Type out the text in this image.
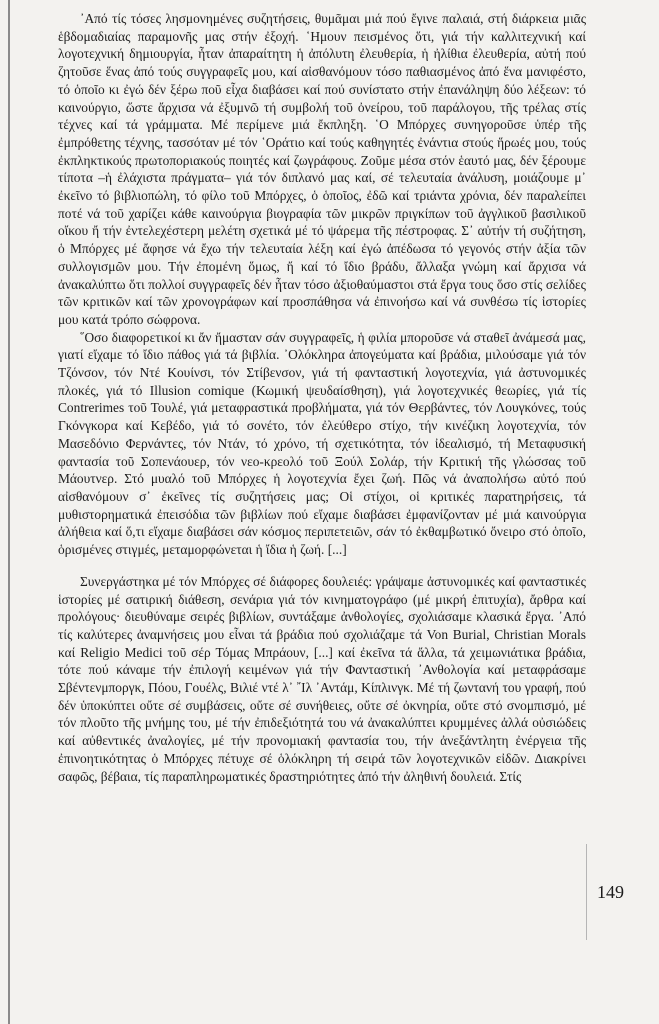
᾽Από τίς τόσες λησμονημένες συζητήσεις, θυμᾶμαι μιά πού ἔγινε παλαιά, στή διάρκεια μιᾶς ἑβδομαδιαίας παραμονῆς μας στήν ἐξοχή. ῾Ημουν πεισμένος ὅτι, γιά τήν καλλιτεχνική καί λογοτεχνική δημιουργία, ἦταν ἀπαραίτητη ἡ ἀπόλυτη ἐλευθερία, ἡ ἠλίθια ἐλευθερία, αὐτή πού ζητοῦσε ἕνας ἀπό τούς συγγραφεῖς μου, καί αἰσθανόμουν τόσο παθιασμένος ἀπό ἕνα μανιφέστο, τό ὁποῖο κι ἐγώ δέν ξέρω ποῦ εἶχα διαβάσει καί πού συνίστατο στήν ἐπανάληψη δύο λέξεων: τό καινούργιο, ὥστε ἄρχισα νά ἐξυμνῶ τή συμβολή τοῦ ὀνείρου, τοῦ παράλογου, τῆς τρέλας στίς τέχνες καί τά γράμματα. Μέ περίμενε μιά ἔκπληξη. ῾Ο Μπόρχες συνηγοροῦσε ὑπέρ τῆς ἐμπρόθετης τέχνης, τασσόταν μέ τόν ῾Οράτιο καί τούς καθηγητές ἐνάντια στούς ἥρωές μου, τούς ἐκπληκτικούς πρωτοποριακούς ποιητές καί ζωγράφους. Ζοῦμε μέσα στόν ἑαυτό μας, δέν ξέρουμε τίποτα –ἡ ἐλάχιστα πράγματα– γιά τόν διπλανό μας καί, σέ τελευταία ἀνάλυση, μοιάζουμε μ᾽ ἐκεῖνο τό βιβλιοπώλη, τό φίλο τοῦ Μπόρχες, ὁ ὁποῖος, ἐδῶ καί τριάντα χρόνια, δέν παραλείπει ποτέ νά τοῦ χαρίζει κάθε καινούργια βιογραφία τῶν μικρῶν πριγκίπων τοῦ ἀγγλικοῦ βασιλικοῦ οἴκου ἤ τήν ἐντελεχέστερη μελέτη σχετικά μέ τό ψάρεμα τῆς πέστροφας. Σ᾽ αὐτήν τή συζήτηση, ὁ Μπόρχες μέ ἄφησε νά ἔχω τήν τελευταία λέξη καί ἐγώ ἀπέδωσα τό γεγονός στήν ἀξία τῶν συλλογισμῶν μου. Τήν ἐπομένη ὅμως, ἤ καί τό ἴδιο βράδυ, ἄλλαξα γνώμη καί ἄρχισα νά ἀνακαλύπτω ὅτι πολλοί συγγραφεῖς δέν ἦταν τόσο ἀξιοθαύμαστοι στά ἔργα τους ὅσο στίς σελίδες τῶν κριτικῶν καί τῶν χρονογράφων καί προσπάθησα νά ἐπινοήσω καί νά συνθέσω τίς ἱστορίες μου κατά τρόπο σώφρονα.

῞Οσο διαφορετικοί κι ἄν ἤμασταν σάν συγγραφεῖς, ἡ φιλία μποροῦσε νά σταθεῖ ἀνάμεσά μας, γιατί εἴχαμε τό ἴδιο πάθος γιά τά βιβλία. ᾿Ολόκληρα ἀπογεύματα καί βράδια, μιλούσαμε γιά τόν Τζόνσον, τόν Ντέ Κουίνσι, τόν Στίβενσον, γιά τή φανταστική λογοτεχνία, γιά ἀστυνομικές πλοκές, γιά τό Illusion comique (Κωμική ψευδαίσθηση), γιά λογοτεχνικές θεωρίες, γιά τίς Contrerimes τοῦ Τουλέ, γιά μεταφραστικά προβλήματα, γιά τόν Θερβάντες, τόν Λουγκόνες, τούς Γκόνγκορα καί Κεβέδο, γιά τό σονέτο, τόν ἐλεύθερο στίχο, τήν κινέζικη λογοτεχνία, τόν Μασεδόνιο Φερνάντες, τόν Ντάν, τό χρόνο, τή σχετικότητα, τόν ἰδεαλισμό, τή Μεταφυσική φαντασία τοῦ Σοπενάουερ, τόν νεο-κρεολό τοῦ Ξούλ Σολάρ, τήν Κριτική τῆς γλώσσας τοῦ Μάουτνερ. Στό μυαλό τοῦ Μπόρχες ἡ λογοτεχνία ἔχει ζωή. Πῶς νά ἀναπολήσω αὐτό πού αἰσθανόμουν σ᾽ ἐκεῖνες τίς συζητήσεις μας; Οἱ στίχοι, οἱ κριτικές παρατηρήσεις, τά μυθιστορηματικά ἐπεισόδια τῶν βιβλίων πού εἴχαμε διαβάσει ἐμφανίζονταν μέ μιά καινούργια ἀλήθεια καί ὅ,τι εἴχαμε διαβάσει σάν κόσμος περιπετειῶν, σάν τό ἐκθαμβωτικό ὄνειρο στό ὁποῖο, ὁρισμένες στιγμές, μεταμορφώνεται ἡ ἴδια ἡ ζωή. [...]

Συνεργάστηκα μέ τόν Μπόρχες σέ διάφορες δουλειές: γράψαμε ἀστυνομικές καί φανταστικές ἱστορίες μέ σατιρική διάθεση, σενάρια γιά τόν κινηματογράφο (μέ μικρή ἐπιτυχία), ἄρθρα καί προλόγους· διευθύναμε σειρές βιβλίων, συντάξαμε ἀνθολογίες, σχολιάσαμε κλασικά ἔργα. ᾿Από τίς καλύτερες ἀναμνήσεις μου εἶναι τά βράδια πού σχολιάζαμε τά Von Burial, Christian Morals καί Religio Medici τοῦ σέρ Τόμας Μπράουν, [...] καί ἐκεῖνα τά ἄλλα, τά χειμωνιάτικα βράδια, τότε πού κάναμε τήν ἐπιλογή κειμένων γιά τήν Φανταστική ᾿Ανθολογία καί μεταφράσαμε Σβέντενμποργκ, Πόου, Γουέλς, Βιλιέ ντέ λ᾽ ῎Ιλ ᾽Αντάμ, Κίπλινγκ. Μέ τή ζωντανή του γραφή, πού δέν ὑποκύπτει οὔτε σέ συμβάσεις, οὔτε σέ συνήθειες, οὔτε σέ ὀκνηρία, οὔτε στό σνομπισμό, μέ τόν πλοῦτο τῆς μνήμης του, μέ τήν ἐπιδεξιότητά του νά ἀνακαλύπτει κρυμμένες ἀλλά οὐσιώδεις καί αὐθεντικές ἀναλογίες, μέ τήν προνομιακή φαντασία του, τήν ἀνεξάντλητη ἐνέργεια τῆς ἐπινοητικότητας ὁ Μπόρχες πέτυχε σέ ὁλόκληρη τή σειρά τῶν λογοτεχνικῶν εἰδῶν. Διακρίνει σαφῶς, βέβαια, τίς παραπληρωματικές δραστηριότητες ἀπό τήν ἀληθινή δουλειά. Στίς

149
